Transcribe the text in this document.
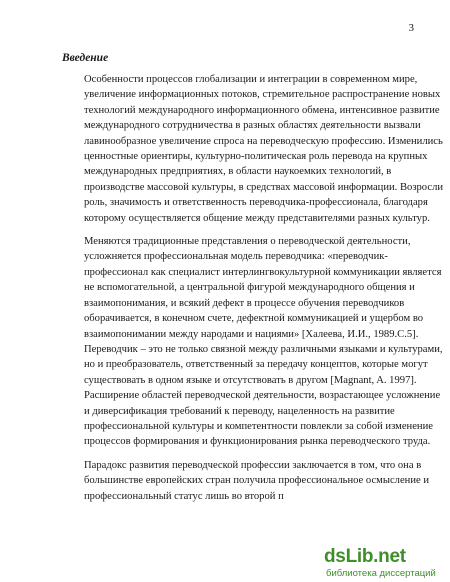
3
Введение

Особенности процессов глобализации и интеграции в современном мире,
увеличение информационных потоков, стремительное распространение новых
технологий международного информационного обмена, интенсивное развитие
международного сотрудничества в разных областях деятельности вызвали
лавинообразное увеличение спроса на переводческую профессию. Изменились
ценностные ориентиры, культурно-политическая роль перевода на крупных
международных предприятиях, в области наукоемких технологий, в
производстве массовой культуры, в средствах массовой информации. Возросли
роль, значимость и ответственность переводчика-профессионала, благодаря
которому осуществляется общение между представителями разных культур.

Меняются традиционные представления о переводческой деятельности,
усложняется профессиональная модель переводчика: «переводчик-
профессионал как специалист интерлингвокультурной коммуникации является
не вспомогательной, а центральной фигурой международного общения и
взаимопонимания, и всякий дефект в процессе обучения переводчиков
оборачивается, в конечном счете, дефектной коммуникацией и ущербом во
взаимопонимании между народами и нациями» [Халеева, И.И., 1989.С.5].
Переводчик – это не только связной между различными языками и культурами,
но и преобразователь, ответственный за передачу концептов, которые могут
существовать в одном языке и отсутствовать в другом [Magnant, A. 1997].
Расширение областей переводческой деятельности, возрастающее усложнение
и диверсификация требований к переводу, нацеленность на развитие
профессиональной культуры и компетентности повлекли за собой изменение
процессов формирования и функционирования рынка переводческого труда.

Парадокс развития переводческой профессии заключается в том, что она в
большинстве европейских стран получила профессиональное осмысление и
профессиональный статус лишь во второй п

dsLib.net
библиотека диссертаций
